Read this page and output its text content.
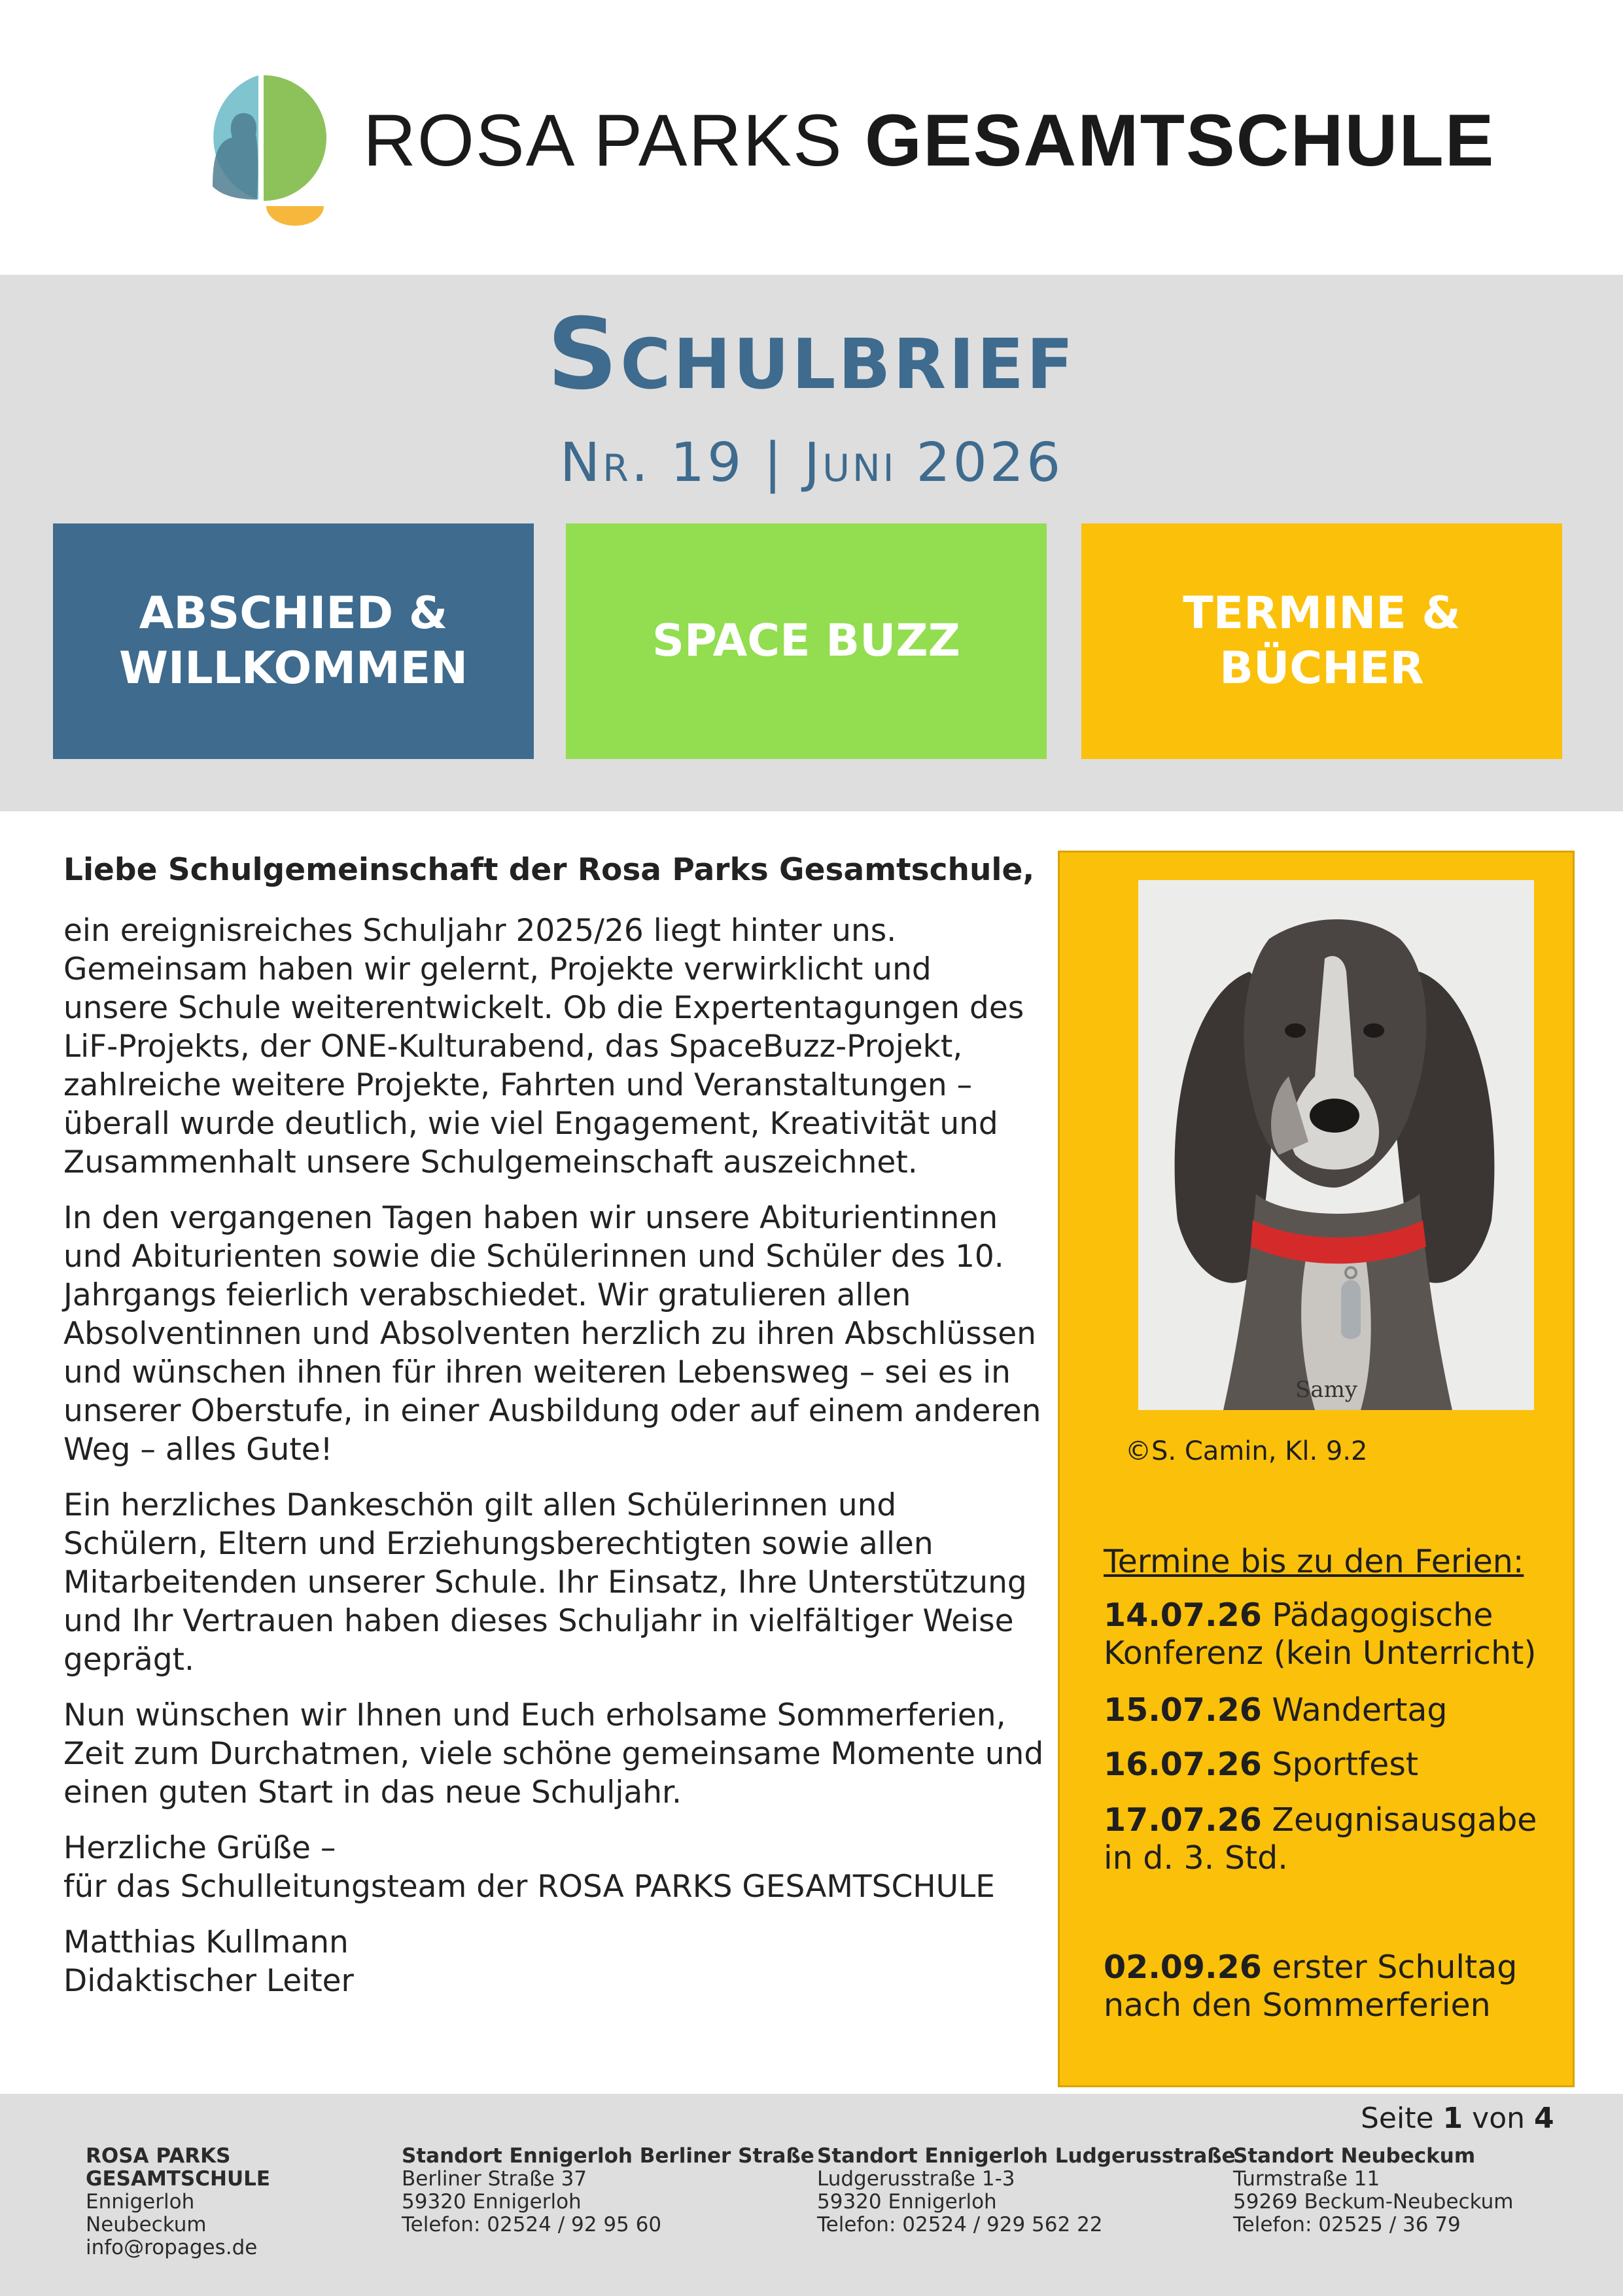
ROSA PARKS GESAMTSCHULE
Schulbrief
Nr. 19 | Juni 2026
ABSCHIED &
WILLKOMMEN
SPACE BUZZ
TERMINE &
BÜCHER

Liebe Schulgemeinschaft der Rosa Parks Gesamtschule,

ein ereignisreiches Schuljahr 2025/26 liegt hinter uns. Gemeinsam haben wir gelernt, Projekte verwirklicht und unsere Schule weiterentwickelt. Ob die Expertentagungen des LiF-Projekts, der ONE-Kulturabend, das SpaceBuzz-Projekt, zahlreiche weitere Projekte, Fahrten und Veranstaltungen – überall wurde deutlich, wie viel Engagement, Kreativität und Zusammenhalt unsere Schulgemeinschaft auszeichnet.

In den vergangenen Tagen haben wir unsere Abiturientinnen und Abiturienten sowie die Schülerinnen und Schüler des 10. Jahrgangs feierlich verabschiedet. Wir gratulieren allen Absolventinnen und Absolventen herzlich zu ihren Abschlüssen und wünschen ihnen für ihren weiteren Lebensweg – sei es in unserer Oberstufe, in einer Ausbildung oder auf einem anderen Weg – alles Gute!

Ein herzliches Dankeschön gilt allen Schülerinnen und Schülern, Eltern und Erziehungsberechtigten sowie allen Mitarbeitenden unserer Schule. Ihr Einsatz, Ihre Unterstützung und Ihr Vertrauen haben dieses Schuljahr in vielfältiger Weise geprägt.

Nun wünschen wir Ihnen und Euch erholsame Sommerferien, Zeit zum Durchatmen, viele schöne gemeinsame Momente und einen guten Start in das neue Schuljahr.

Herzliche Grüße –
für das Schulleitungsteam der ROSA PARKS GESAMTSCHULE

Matthias Kullmann
Didaktischer Leiter

Samy
©S. Camin, Kl. 9.2
Termine bis zu den Ferien:
14.07.26 Pädagogische Konferenz (kein Unterricht)
15.07.26 Wandertag
16.07.26 Sportfest
17.07.26 Zeugnisausgabe in d. 3. Std.
02.09.26 erster Schultag nach den Sommerferien
Seite 1 von 4
ROSA PARKS
GESAMTSCHULE
Ennigerloh
Neubeckum
info@ropages.de
Standort Ennigerloh Berliner Straße
Berliner Straße 37
59320 Ennigerloh
Telefon: 02524 / 92 95 60
Standort Ennigerloh Ludgerusstraße
Ludgerusstraße 1-3
59320 Ennigerloh
Telefon: 02524 / 929 562 22
Standort Neubeckum
Turmstraße 11
59269 Beckum-Neubeckum
Telefon: 02525 / 36 79
